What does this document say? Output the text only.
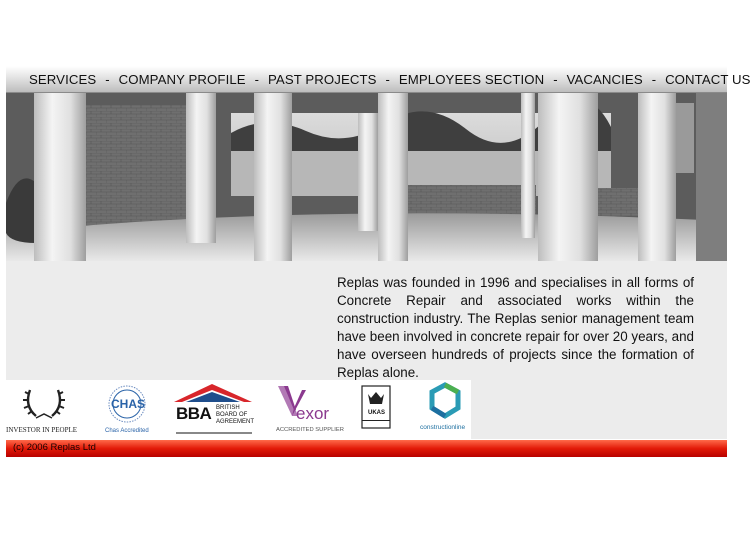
SERVICES - COMPANY PROFILE - PAST PROJECTS - EMPLOYEES SECTION - VACANCIES - CONTACT US

Replas was founded in 1996 and specialises in all forms of Concrete Repair and associated works within the construction industry. The Replas senior management team have been involved in concrete repair for over 20 years, and have overseen hundreds of projects since the formation of Replas alone.

INVESTOR IN PEOPLE
CHAS
Chas Accredited
BBA BRITISH
BOARD OF
AGREEMENT exor
ACCREDITED SUPPLIER
UKAS
constructionline
(c) 2006 Replas Ltd
